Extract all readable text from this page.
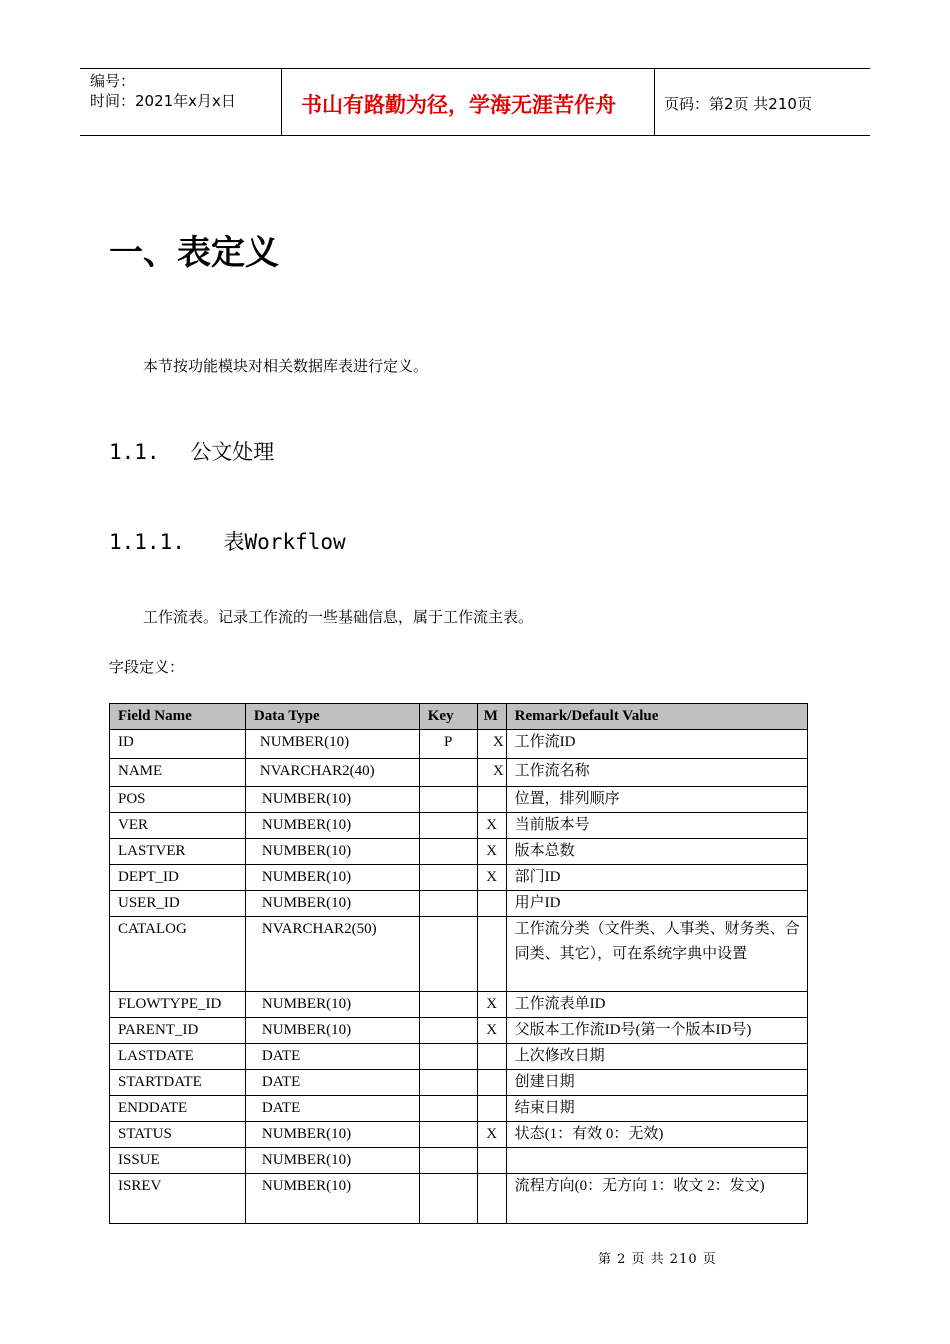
编号：
时间：2021年x月x日	书山有路勤为径，学海无涯苦作舟	页码：第2页 共210页
一、表定义
本节按功能模块对相关数据库表进行定义。
1.1. 公文处理
1.1.1. 表Workflow
工作流表。记录工作流的一些基础信息，属于工作流主表。
字段定义：
Field Name	Data Type	Key	M	Remark/Default Value
ID	NUMBER(10)	P	X	工作流ID
NAME	NVARCHAR2(40)		X	工作流名称
POS	NUMBER(10)			位置，排列顺序
VER	NUMBER(10)		X	当前版本号
LASTVER	NUMBER(10)		X	版本总数
DEPT_ID	NUMBER(10)		X	部门ID
USER_ID	NUMBER(10)			用户ID
CATALOG	NVARCHAR2(50)			工作流分类（文件类、人事类、财务类、合同类、其它），可在系统字典中设置
FLOWTYPE_ID	NUMBER(10)		X	工作流表单ID
PARENT_ID	NUMBER(10)		X	父版本工作流ID号(第一个版本ID号)
LASTDATE	DATE			上次修改日期
STARTDATE	DATE			创建日期
ENDDATE	DATE			结束日期
STATUS	NUMBER(10)		X	状态(1：有效 0：无效)
ISSUE	NUMBER(10)			
ISREV	NUMBER(10)			流程方向(0：无方向 1：收文 2：发文)
第 2 页 共 210 页
